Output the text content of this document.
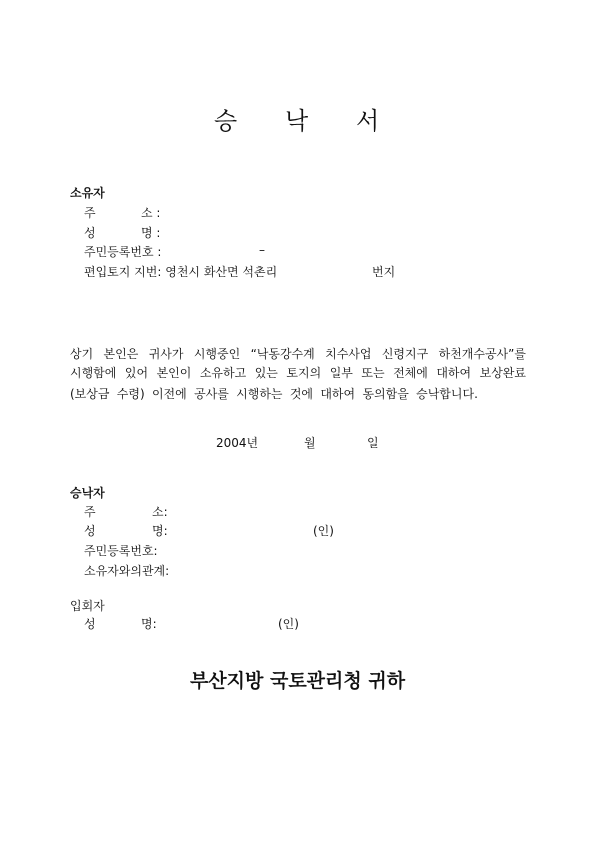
승 낙 서
소유자
주	소 :
성	명 :
주민등록번호 :	–
편입토지 지번: 영천시 화산면 석촌리	번지
상기 본인은 귀사가 시행중인 “낙동강수계 치수사업 신령지구 하천개수공사”를
시행함에 있어 본인이 소유하고 있는 토지의 일부 또는 전체에 대하여 보상완료
(보상금 수령) 이전에 공사를 시행하는 것에 대하여 동의함을 승낙합니다.
2004년	월	일
승낙자
주	소:
성	명:	(인)
주민등록번호:
소유자와의관계:
입회자
성	명:	(인)
부산지방 국토관리청 귀하
